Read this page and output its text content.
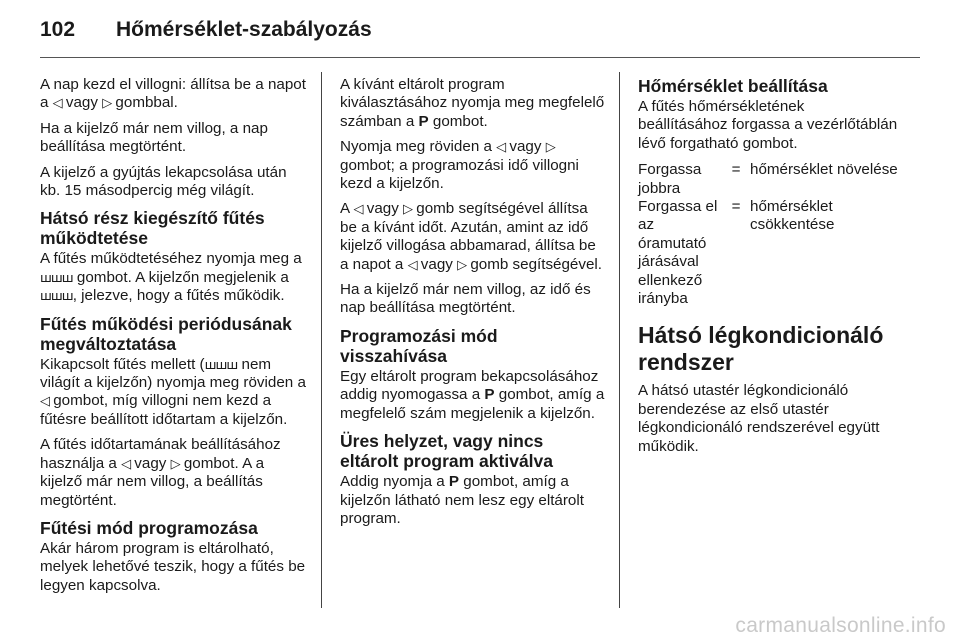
102 Hőmérséklet-szabályozás

A nap kezd el villogni: állítsa be a napot a ◁ vagy ▷ gombbal.

Ha a kijelző már nem villog, a nap beállítása megtörtént.

A kijelző a gyújtás lekapcsolása után kb. 15 másodpercig még világít.

Hátsó rész kiegészítő fűtés működtetése

A fűtés működtetéséhez nyomja meg a ꟺꟺꟺ gombot. A kijelzőn megjelenik a ꟺꟺꟺ, jelezve, hogy a fűtés működik.

Fűtés működési periódusának megváltoztatása

Kikapcsolt fűtés mellett (ꟺꟺꟺ nem világít a kijelzőn) nyomja meg röviden a ◁ gombot, míg villogni nem kezd a fűtésre beállított időtartam a kijelzőn.

A fűtés időtartamának beállításához használja a ◁ vagy ▷ gombot. A a kijelző már nem villog, a beállítás megtörtént.

Fűtési mód programozása

Akár három program is eltárolható, melyek lehetővé teszik, hogy a fűtés be legyen kapcsolva.

A kívánt eltárolt program kiválasztásához nyomja meg megfelelő számban a P gombot.

Nyomja meg röviden a ◁ vagy ▷ gombot; a programozási idő villogni kezd a kijelzőn.

A ◁ vagy ▷ gomb segítségével állítsa be a kívánt időt. Azután, amint az idő kijelző villogása abbamarad, állítsa be a napot a ◁ vagy ▷ gomb segítségével.

Ha a kijelző már nem villog, az idő és nap beállítása megtörtént.

Programozási mód visszahívása

Egy eltárolt program bekapcsolásához addig nyomogassa a P gombot, amíg a megfelelő szám megjelenik a kijelzőn.

Üres helyzet, vagy nincs eltárolt program aktiválva

Addig nyomja a P gombot, amíg a kijelzőn látható nem lesz egy eltárolt program.

Hőmérséklet beállítása

A fűtés hőmérsékletének beállításához forgassa a vezérlőtáblán lévő forgatható gombot.

Forgassa jobbra	=	hőmérséklet növelése
Forgassa el az óramutató járásával ellenkező irányba	=	hőmérséklet csökkentése
Hátsó légkondicionáló rendszer

A hátsó utastér légkondicionáló berendezése az első utastér légkondicionáló rendszerével együtt működik.

carmanualsonline.info
